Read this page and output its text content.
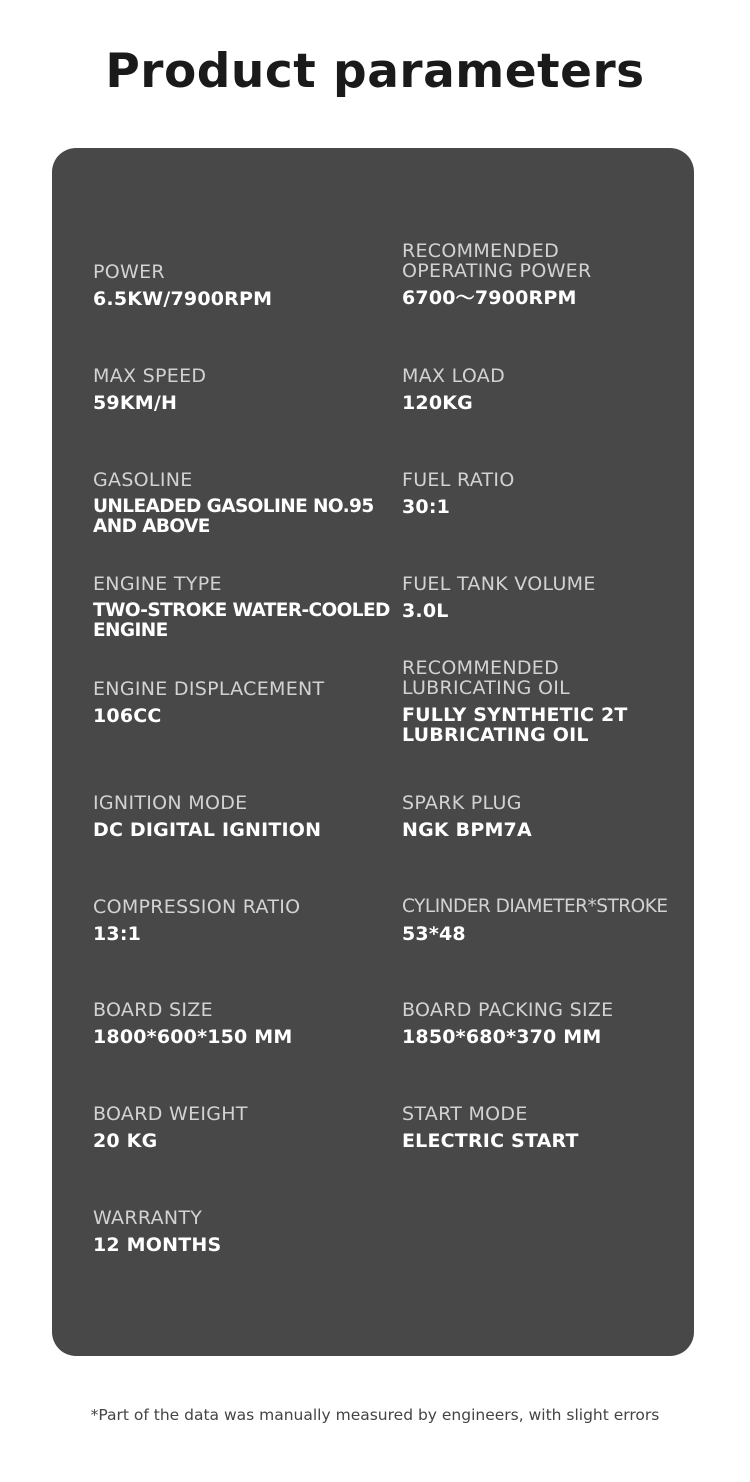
Product parameters
POWER
6.5KW/7900RPM
RECOMMENDED
OPERATING POWER
6700〜7900RPM
MAX SPEED
59KM/H
MAX LOAD
120KG
GASOLINE
UNLEADED GASOLINE NO.95
AND ABOVE
FUEL RATIO
30:1
ENGINE TYPE
TWO-STROKE WATER-COOLED
ENGINE
FUEL TANK VOLUME
3.0L
ENGINE DISPLACEMENT
106CC
RECOMMENDED
LUBRICATING OIL
FULLY SYNTHETIC 2T
LUBRICATING OIL
IGNITION MODE
DC DIGITAL IGNITION
SPARK PLUG
NGK BPM7A
COMPRESSION RATIO
13:1
CYLINDER DIAMETER*STROKE
53*48
BOARD SIZE
1800*600*150 MM
BOARD PACKING SIZE
1850*680*370 MM
BOARD WEIGHT
20 KG
START MODE
ELECTRIC START
WARRANTY
12 MONTHS
*Part of the data was manually measured by engineers, with slight errors
